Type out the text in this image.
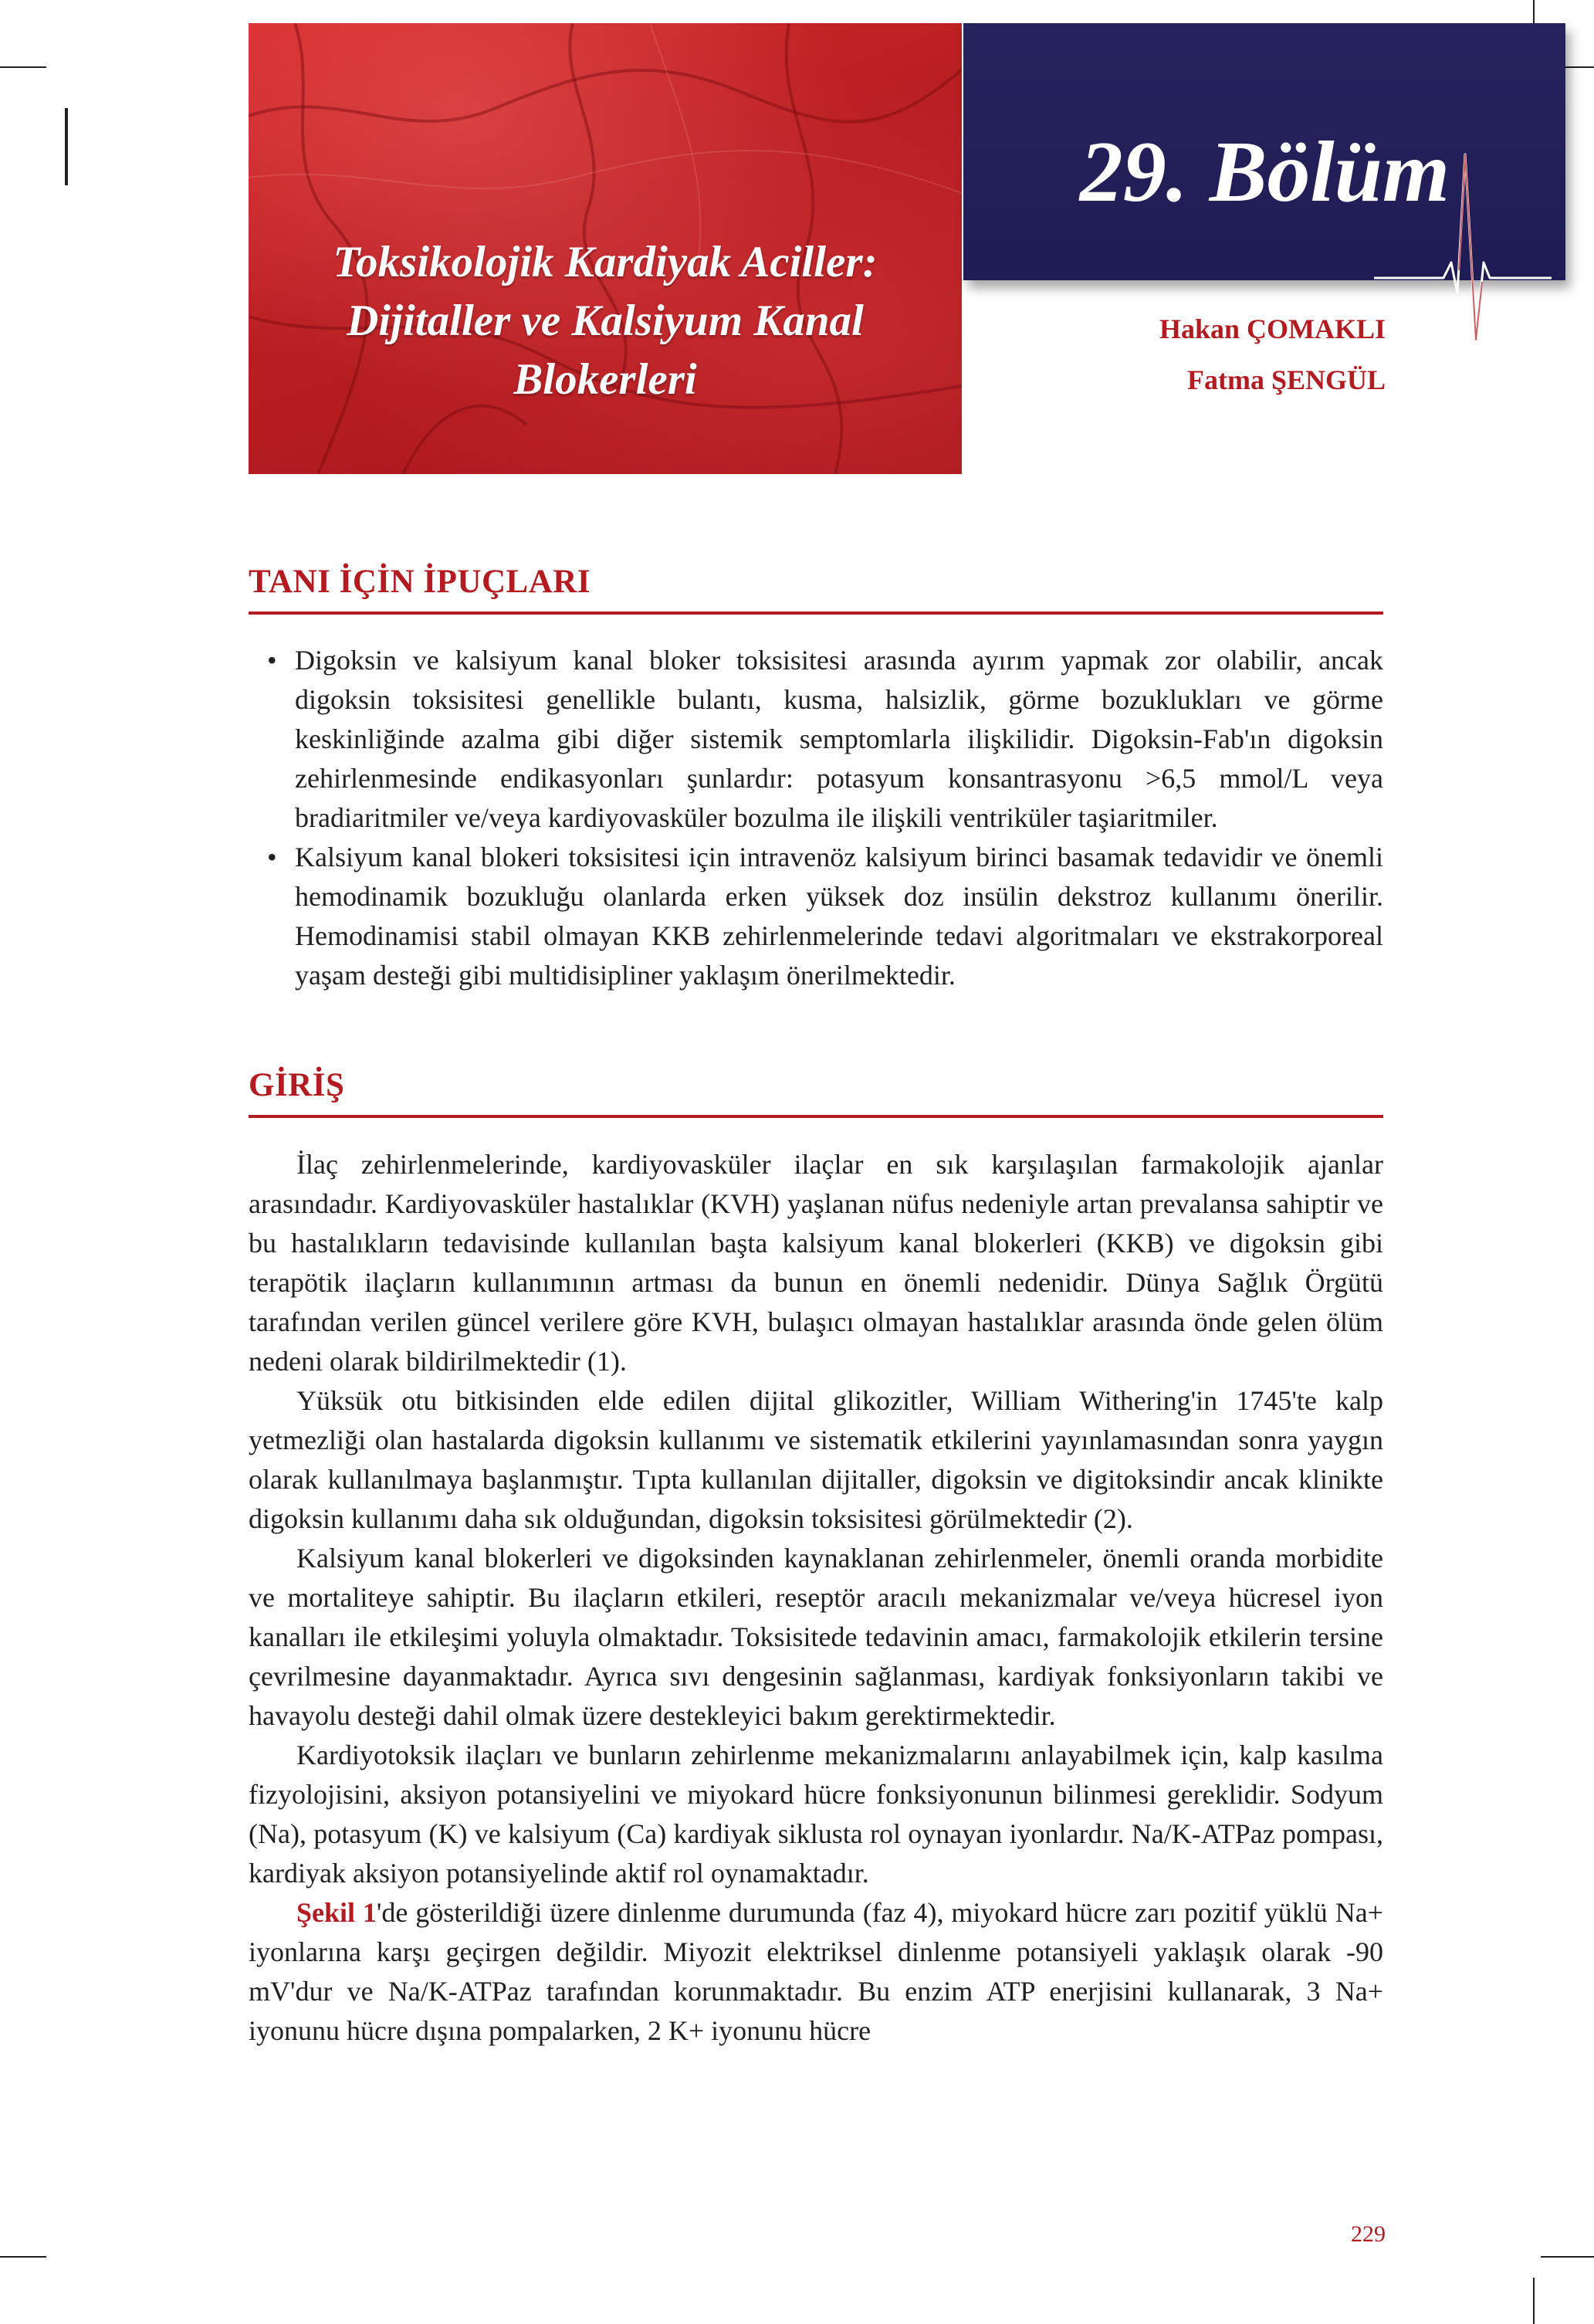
Toksikolojik Kardiyak Aciller:
Dijitaller ve Kalsiyum Kanal
Blokerleri
29. Bölüm
Hakan ÇOMAKLI
Fatma ŞENGÜL
TANI İÇİN İPUÇLARI
• Digoksin ve kalsiyum kanal bloker toksisitesi arasında ayırım yapmak zor olabilir, ancak digoksin toksisitesi genellikle bulantı, kusma, halsizlik, görme bozuklukları ve görme keskinliğinde azalma gibi diğer sistemik semptomlarla ilişkilidir. Digoksin-Fab'ın digoksin zehirlenmesinde endikasyonları şunlardır: potasyum konsantrasyonu >6,5 mmol/L veya bradiaritmiler ve/veya kardiyovasküler bozulma ile ilişkili ventriküler taşiaritmiler.
• Kalsiyum kanal blokeri toksisitesi için intravenöz kalsiyum birinci basamak tedavidir ve önemli hemodinamik bozukluğu olanlarda erken yüksek doz insülin dekstroz kullanımı önerilir. Hemodinamisi stabil olmayan KKB zehirlenmelerinde tedavi algoritmaları ve ekstrakorporeal yaşam desteği gibi multidisipliner yaklaşım önerilmektedir.
GİRİŞ

İlaç zehirlenmelerinde, kardiyovasküler ilaçlar en sık karşılaşılan farmakolojik ajanlar arasındadır. Kardiyovasküler hastalıklar (KVH) yaşlanan nüfus nedeniyle artan prevalansa sahiptir ve bu hastalıkların tedavisinde kullanılan başta kalsiyum kanal blokerleri (KKB) ve digoksin gibi terapötik ilaçların kullanımının artması da bunun en önemli nedenidir. Dünya Sağlık Örgütü tarafından verilen güncel verilere göre KVH, bulaşıcı olmayan hastalıklar arasında önde gelen ölüm nedeni olarak bildirilmektedir (1).

Yüksük otu bitkisinden elde edilen dijital glikozitler, William Withering'in 1745'te kalp yetmezliği olan hastalarda digoksin kullanımı ve sistematik etkilerini yayınlamasından sonra yaygın olarak kullanılmaya başlanmıştır. Tıpta kullanılan dijitaller, digoksin ve digitoksindir ancak klinikte digoksin kullanımı daha sık olduğundan, digoksin toksisitesi görülmektedir (2).

Kalsiyum kanal blokerleri ve digoksinden kaynaklanan zehirlenmeler, önemli oranda morbidite ve mortaliteye sahiptir. Bu ilaçların etkileri, reseptör aracılı mekanizmalar ve/veya hücresel iyon kanalları ile etkileşimi yoluyla olmaktadır. Toksisitede tedavinin amacı, farmakolojik etkilerin tersine çevrilmesine dayanmaktadır. Ayrıca sıvı dengesinin sağlanması, kardiyak fonksiyonların takibi ve havayolu desteği dahil olmak üzere destekleyici bakım gerektirmektedir.

Kardiyotoksik ilaçları ve bunların zehirlenme mekanizmalarını anlayabilmek için, kalp kasılma fizyolojisini, aksiyon potansiyelini ve miyokard hücre fonksiyonunun bilinmesi gereklidir. Sodyum (Na), potasyum (K) ve kalsiyum (Ca) kardiyak siklusta rol oynayan iyonlardır. Na/K-ATPaz pompası, kardiyak aksiyon potansiyelinde aktif rol oynamaktadır.

Şekil 1'de gösterildiği üzere dinlenme durumunda (faz 4), miyokard hücre zarı pozitif yüklü Na+ iyonlarına karşı geçirgen değildir. Miyozit elektriksel dinlenme potansiyeli yaklaşık olarak -90 mV'dur ve Na/K-ATPaz tarafından korunmaktadır. Bu enzim ATP enerjisini kullanarak, 3 Na+ iyonunu hücre dışına pompalarken, 2 K+ iyonunu hücre

229
